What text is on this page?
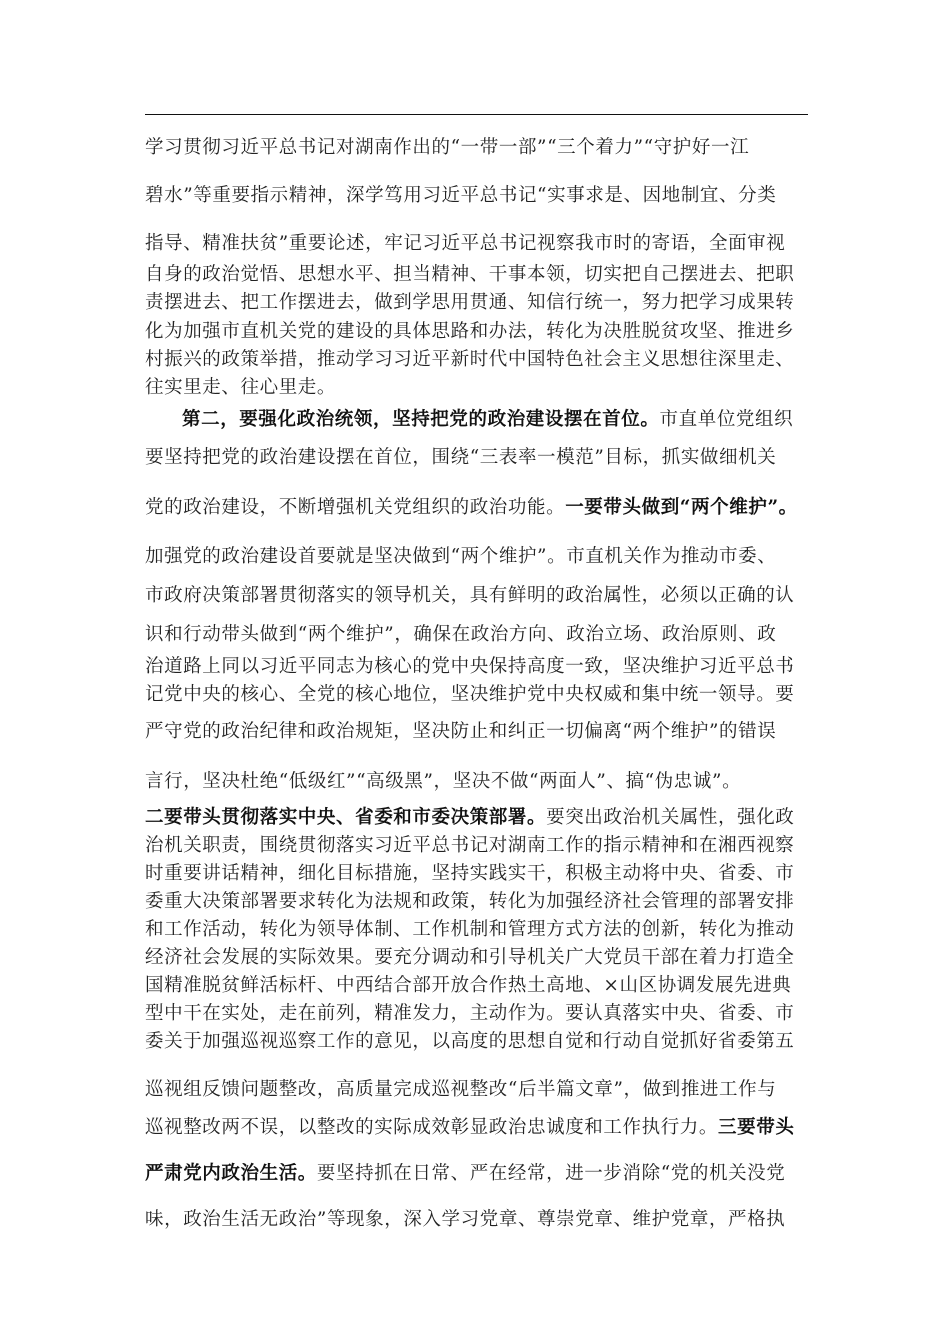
学习贯彻习近平总书记对湖南作出的“一带一部”“三个着力”“守护好一江
碧水”等重要指示精神，深学笃用习近平总书记“实事求是、因地制宜、分类
指导、精准扶贫”重要论述，牢记习近平总书记视察我市时的寄语，全面审视
自身的政治觉悟、思想水平、担当精神、干事本领，切实把自己摆进去、把职
责摆进去、把工作摆进去，做到学思用贯通、知信行统一，努力把学习成果转
化为加强市直机关党的建设的具体思路和办法，转化为决胜脱贫攻坚、推进乡
村振兴的政策举措，推动学习习近平新时代中国特色社会主义思想往深里走、
往实里走、往心里走。
第二，要强化政治统领，坚持把党的政治建设摆在首位。市直单位党组织
要坚持把党的政治建设摆在首位，围绕“三表率一模范”目标，抓实做细机关
党的政治建设，不断增强机关党组织的政治功能。一要带头做到“两个维护”。
加强党的政治建设首要就是坚决做到“两个维护”。市直机关作为推动市委、
市政府决策部署贯彻落实的领导机关，具有鲜明的政治属性，必须以正确的认
识和行动带头做到“两个维护”，确保在政治方向、政治立场、政治原则、政
治道路上同以习近平同志为核心的党中央保持高度一致，坚决维护习近平总书
记党中央的核心、全党的核心地位，坚决维护党中央权威和集中统一领导。要
严守党的政治纪律和政治规矩，坚决防止和纠正一切偏离“两个维护”的错误
言行，坚决杜绝“低级红”“高级黑”，坚决不做“两面人”、搞“伪忠诚”。
二要带头贯彻落实中央、省委和市委决策部署。要突出政治机关属性，强化政
治机关职责，围绕贯彻落实习近平总书记对湖南工作的指示精神和在湘西视察
时重要讲话精神，细化目标措施，坚持实践实干，积极主动将中央、省委、市
委重大决策部署要求转化为法规和政策，转化为加强经济社会管理的部署安排
和工作活动，转化为领导体制、工作机制和管理方式方法的创新，转化为推动
经济社会发展的实际效果。要充分调动和引导机关广大党员干部在着力打造全
国精准脱贫鲜活标杆、中西结合部开放合作热土高地、×山区协调发展先进典
型中干在实处，走在前列，精准发力，主动作为。要认真落实中央、省委、市
委关于加强巡视巡察工作的意见，以高度的思想自觉和行动自觉抓好省委第五
巡视组反馈问题整改，高质量完成巡视整改“后半篇文章”，做到推进工作与
巡视整改两不误，以整改的实际成效彰显政治忠诚度和工作执行力。三要带头
严肃党内政治生活。要坚持抓在日常、严在经常，进一步消除“党的机关没党
味，政治生活无政治”等现象，深入学习党章、尊崇党章、维护党章，严格执
